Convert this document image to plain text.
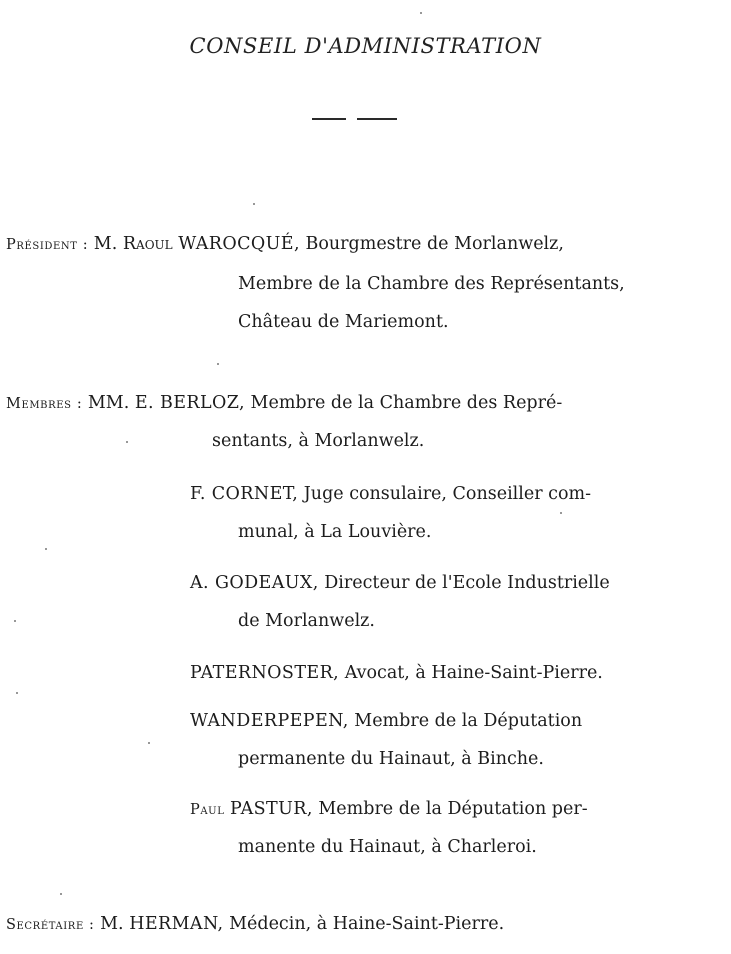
CONSEIL D'ADMINISTRATION
Président : M. Raoul WAROCQUÉ, Bourgmestre de Morlanwelz,
Membre de la Chambre des Représentants,
Château de Mariemont.
Membres : MM. E. BERLOZ, Membre de la Chambre des Repré-
sentants, à Morlanwelz.
F. CORNET, Juge consulaire, Conseiller com-
munal, à La Louvière.
A. GODEAUX, Directeur de l'Ecole Industrielle
de Morlanwelz.
PATERNOSTER, Avocat, à Haine-Saint-Pierre.
WANDERPEPEN, Membre de la Députation
permanente du Hainaut, à Binche.
Paul PASTUR, Membre de la Députation per-
manente du Hainaut, à Charleroi.
Secrétaire : M. HERMAN, Médecin, à Haine-Saint-Pierre.
